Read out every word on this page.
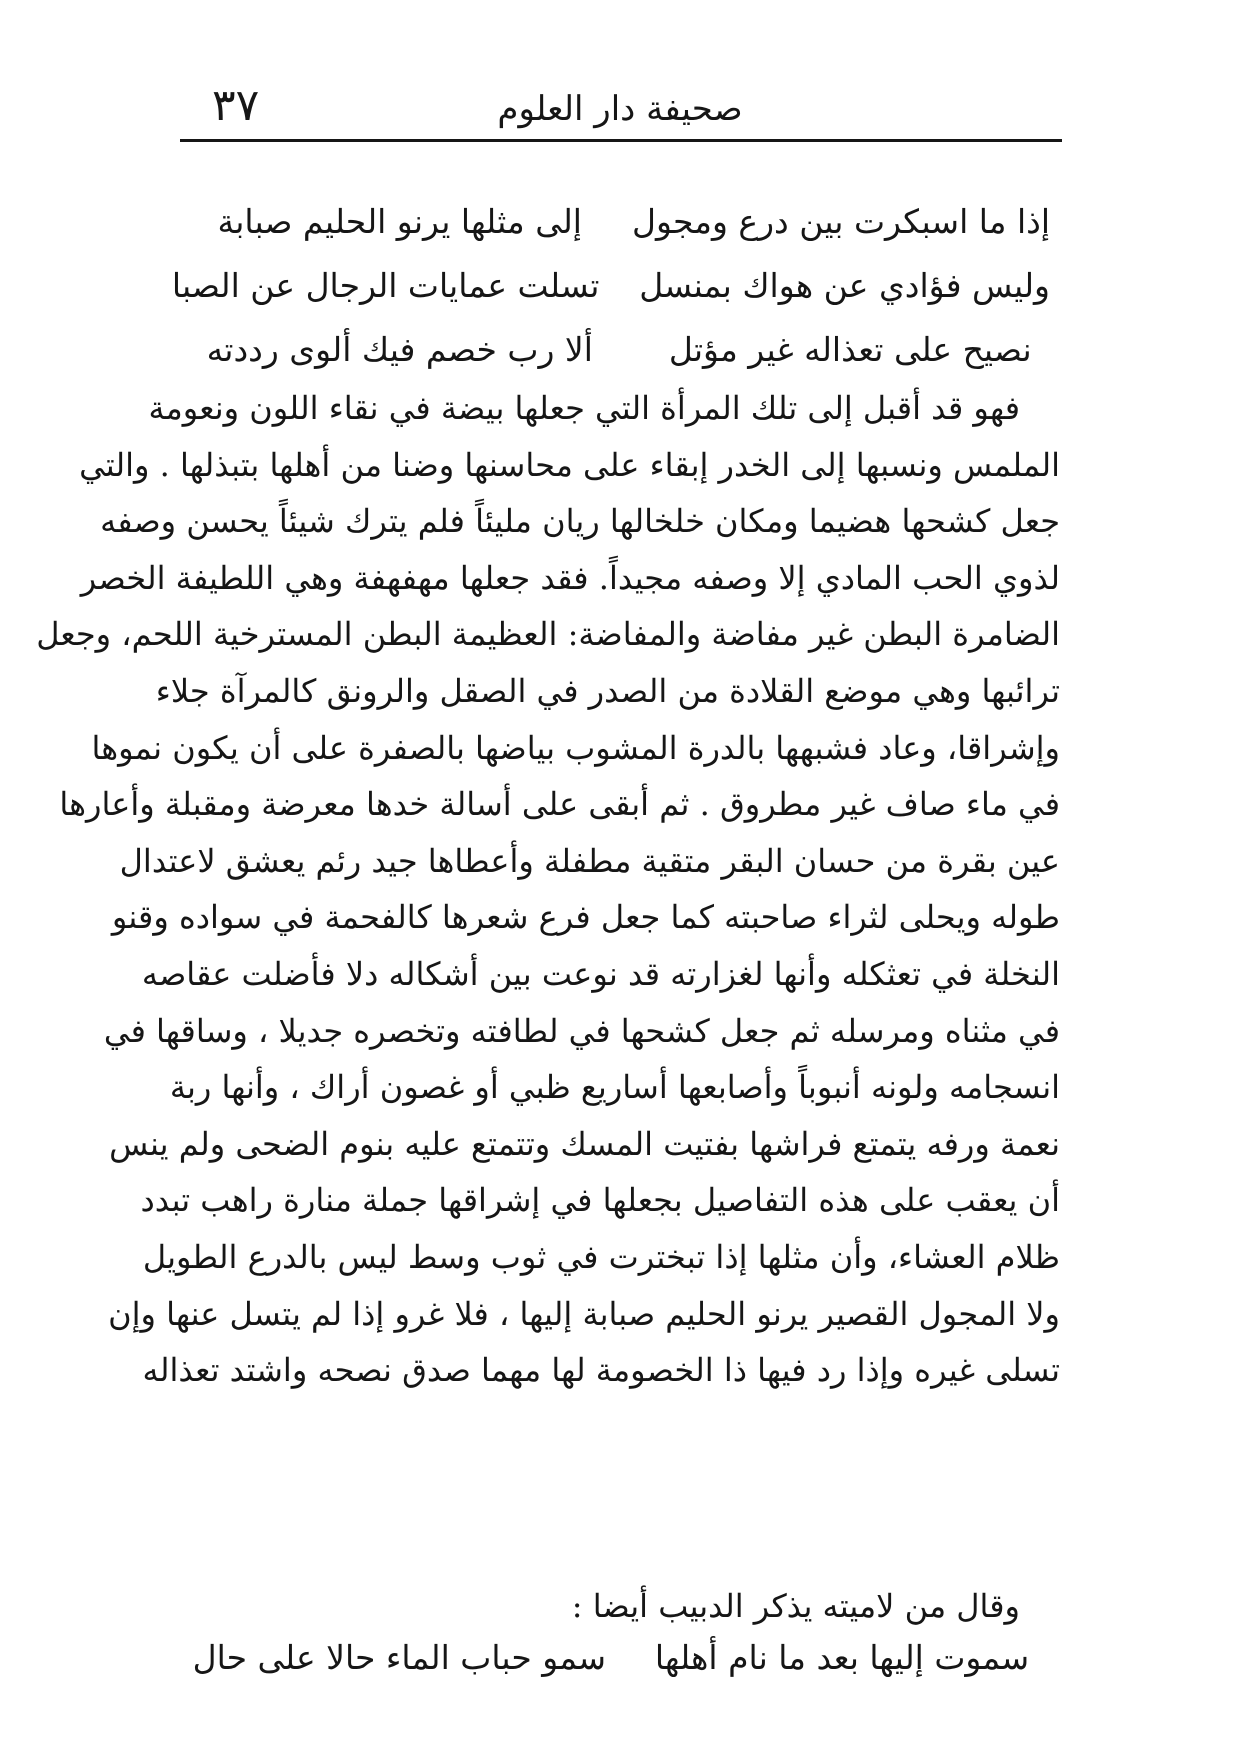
صحيفة دار العلوم
٣٧
إذا ما اسبكرت بين درع ومجول
إلى مثلها يرنو الحليم صبابة
وليس فؤادي عن هواك بمنسل
تسلت عمايات الرجال عن الصبا
نصيح على تعذاله غير مؤتل
ألا رب خصم فيك ألوى رددته
فهو قد أقبل إلى تلك المرأة التي جعلها بيضة في نقاء اللون ونعومة
الملمس ونسبها إلى الخدر إبقاء على محاسنها وضنا من أهلها بتبذلها . والتي
جعل كشحها هضيما ومكان خلخالها ريان مليئاً فلم يترك شيئاً يحسن وصفه
لذوي الحب المادي إلا وصفه مجيداً. فقد جعلها مهفهفة وهي اللطيفة الخصر
الضامرة البطن غير مفاضة والمفاضة: العظيمة البطن المسترخية اللحم، وجعل
ترائبها وهي موضع القلادة من الصدر في الصقل والرونق كالمرآة جلاء
وإشراقا، وعاد فشبهها بالدرة المشوب بياضها بالصفرة على أن يكون نموها
في ماء صاف غير مطروق . ثم أبقى على أسالة خدها معرضة ومقبلة وأعارها
عين بقرة من حسان البقر متقية مطفلة وأعطاها جيد رئم يعشق لاعتدال
طوله ويحلى لثراء صاحبته كما جعل فرع شعرها كالفحمة في سواده وقنو
النخلة في تعثكله وأنها لغزارته قد نوعت بين أشكاله دلا فأضلت عقاصه
في مثناه ومرسله ثم جعل كشحها في لطافته وتخصره جديلا ، وساقها في
انسجامه ولونه أنبوباً وأصابعها أساريع ظبي أو غصون أراك ، وأنها ربة
نعمة ورفه يتمتع فراشها بفتيت المسك وتتمتع عليه بنوم الضحى ولم ينس
أن يعقب على هذه التفاصيل بجعلها في إشراقها جملة منارة راهب تبدد
ظلام العشاء، وأن مثلها إذا تبخترت في ثوب وسط ليس بالدرع الطويل
ولا المجول القصير يرنو الحليم صبابة إليها ، فلا غرو إذا لم يتسل عنها وإن
تسلى غيره وإذا رد فيها ذا الخصومة لها مهما صدق نصحه واشتد تعذاله
وقال من لاميته يذكر الدبيب أيضا :
سموت إليها بعد ما نام أهلها
سمو حباب الماء حالا على حال
